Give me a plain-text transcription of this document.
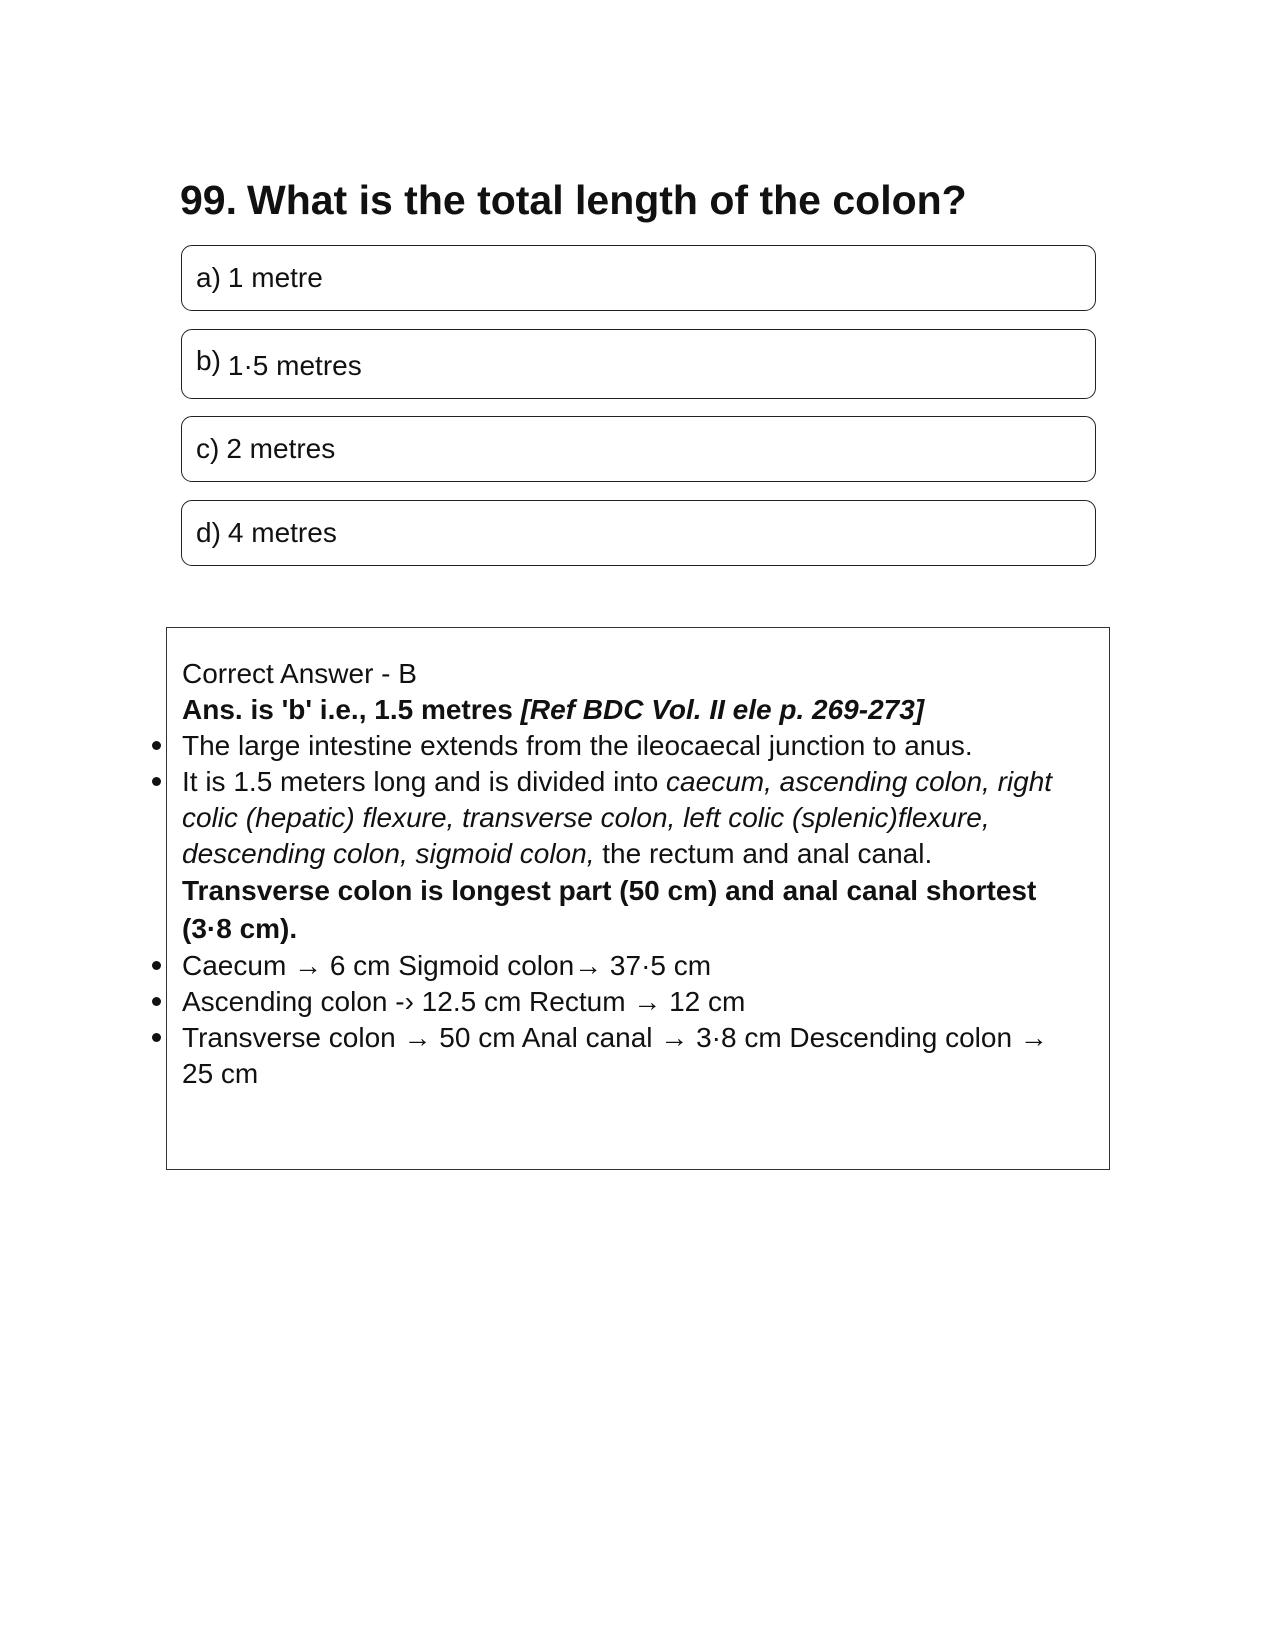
99. What is the total length of the colon?
a) 1 metre
b) 1·5 metres
c) 2 metres
d) 4 metres

Correct Answer - B

Ans. is 'b' i.e., 1.5 metres [Ref BDC Vol. II ele p. 269-273]

The large intestine extends from the ileocaecal junction to anus.

It is 1.5 meters long and is divided into caecum, ascending colon, right colic (hepatic) flexure, transverse colon, left colic (splenic)flexure, descending colon, sigmoid colon, the rectum and anal canal.

Transverse colon is longest part (50 cm) and anal canal shortest (3·8 cm).

Caecum → 6 cm Sigmoid colon→ 37·5 cm

Ascending colon -› 12.5 cm Rectum → 12 cm

Transverse colon → 50 cm Anal canal → 3·8 cm Descending colon → 25 cm
